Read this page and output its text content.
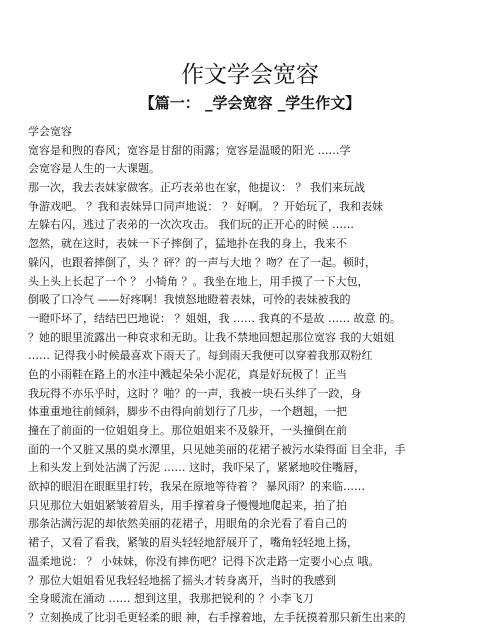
作文学会宽容
【篇一： _学会宽容 _学生作文】
学会宽容
宽容是和煦的春风；宽容是甘甜的雨露；宽容是温暖的阳光 ……学
会宽容是人生的一大课题。
那一次，我去表妹家做客。正巧表弟也在家，他提议： ？ 我们来玩战
争游戏吧。 ？我和表妹异口同声地说： ？ 好啊。 ？开始玩了，我和表妹
左躲右闪，逃过了表弟的一次次攻击。 我们玩的正开心的时候 ……
忽然，就在这时，表妹一下子摔倒了，猛地扑在我的身上，我来不
躲闪，也跟着摔倒了，头 ？砰？的一声与大地 ？吻？在了一起。顿时，
头上头上长起了一个 ？ 小犄角 ？。我坐在地上，用手摸了一下大包，
倒吸了口冷气 ——好疼啊！我愤怒地瞪着表妹，可怜的表妹被我的
一瞪吓坏了，结结巴巴地说： ？姐姐，我 …… 我真的不是故 …… 故意 的。
？她的眼里流露出一种哀求和无助。让我不禁地回想起那位宽容 我的大姐姐
…… 记得我小时候最喜欢下雨天了。每到雨天我便可以穿着我那双粉红
色的小雨鞋在路上的水洼中溅起朵朵小泥花，真是好玩极了！正当
我玩得不亦乐乎时，这时 ？啪？的一声，我被一块石头绊了一跤，身
体重重地往前倾斜，脚步不由得向前划行了几步，一个趔趄，一把
撞在了前面的一位姐姐身上。那位姐姐来不及躲开，一头撞倒在前
面的一个又脏又黑的臭水潭里，只见她美丽的花裙子被污水染得面 目全非，手
上和头发上到处沾满了污泥 …… 这时，我吓呆了，紧紧地咬住嘴唇，
欲掉的眼泪在眼眶里打转，我呆在原地等待着 ？ 暴风雨？的来临……
只见那位大姐姐紧皱着眉头，用手撑着身子慢慢地爬起来，拍了拍
那条沾满污泥的却依然美丽的花裙子，用眼角的余光看了看自己的
裙子，又看了看我，紧皱的眉头轻轻地舒展开了，嘴角轻轻地上扬，
温柔地说： ？ 小妹妹，你没有摔伤吧？记得下次走路一定要小心点 哦。
？那位大姐姐看见我轻轻地摇了摇头才转身离开，当时的我感到
全身暖流在涌动 …… 想到这里，我那把锐利的 ？小李飞刀
？立刻换成了比羽毛更轻柔的眼 神，右手撑着地，左手抚摸着那只新生出来的
